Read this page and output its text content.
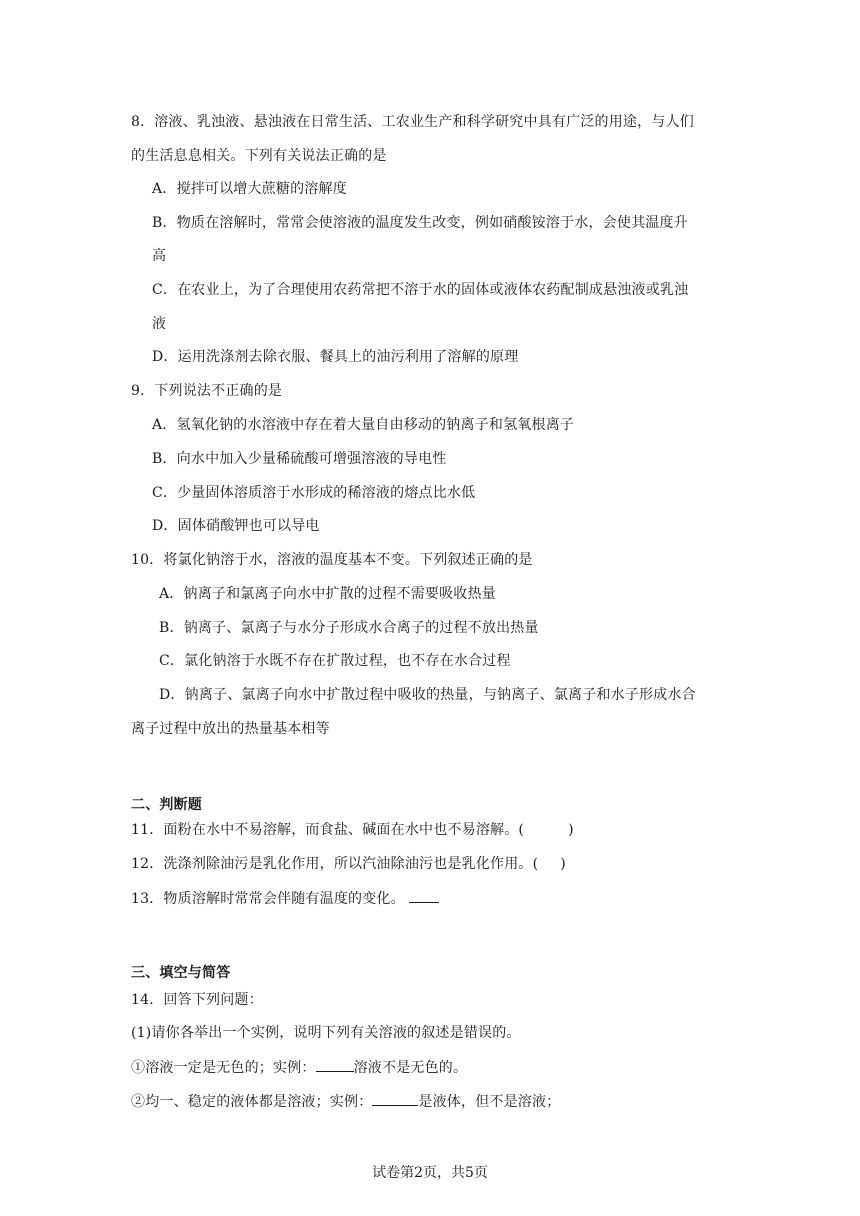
8．溶液、乳浊液、悬浊液在日常生活、工农业生产和科学研究中具有广泛的用途，与人们
的生活息息相关。下列有关说法正确的是
A．搅拌可以增大蔗糖的溶解度
B．物质在溶解时，常常会使溶液的温度发生改变，例如硝酸铵溶于水，会使其温度升
高
C．在农业上，为了合理使用农药常把不溶于水的固体或液体农药配制成悬浊液或乳浊
液
D．运用洗涤剂去除衣服、餐具上的油污利用了溶解的原理
9．下列说法不正确的是
A．氢氧化钠的水溶液中存在着大量自由移动的钠离子和氢氧根离子
B．向水中加入少量稀硫酸可增强溶液的导电性
C．少量固体溶质溶于水形成的稀溶液的熔点比水低
D．固体硝酸钾也可以导电
10．将氯化钠溶于水，溶液的温度基本不变。下列叙述正确的是
A．钠离子和氯离子向水中扩散的过程不需要吸收热量
B．钠离子、氯离子与水分子形成水合离子的过程不放出热量
C．氯化钠溶于水既不存在扩散过程，也不存在水合过程
D．钠离子、氯离子向水中扩散过程中吸收的热量，与钠离子、氯离子和水子形成水合
离子过程中放出的热量基本相等
二、判断题
11．面粉在水中不易溶解，而食盐、碱面在水中也不易溶解。(	)
12．洗涤剂除油污是乳化作用，所以汽油除油污也是乳化作用。( )
13．物质溶解时常常会伴随有温度的变化。
三、填空与简答
14．回答下列问题：
(1)请你各举出一个实例，说明下列有关溶液的叙述是错误的。
①溶液一定是无色的；实例：	溶液不是无色的。
②均一、稳定的液体都是溶液；实例：	是液体，但不是溶液；
试卷第2页，共5页
